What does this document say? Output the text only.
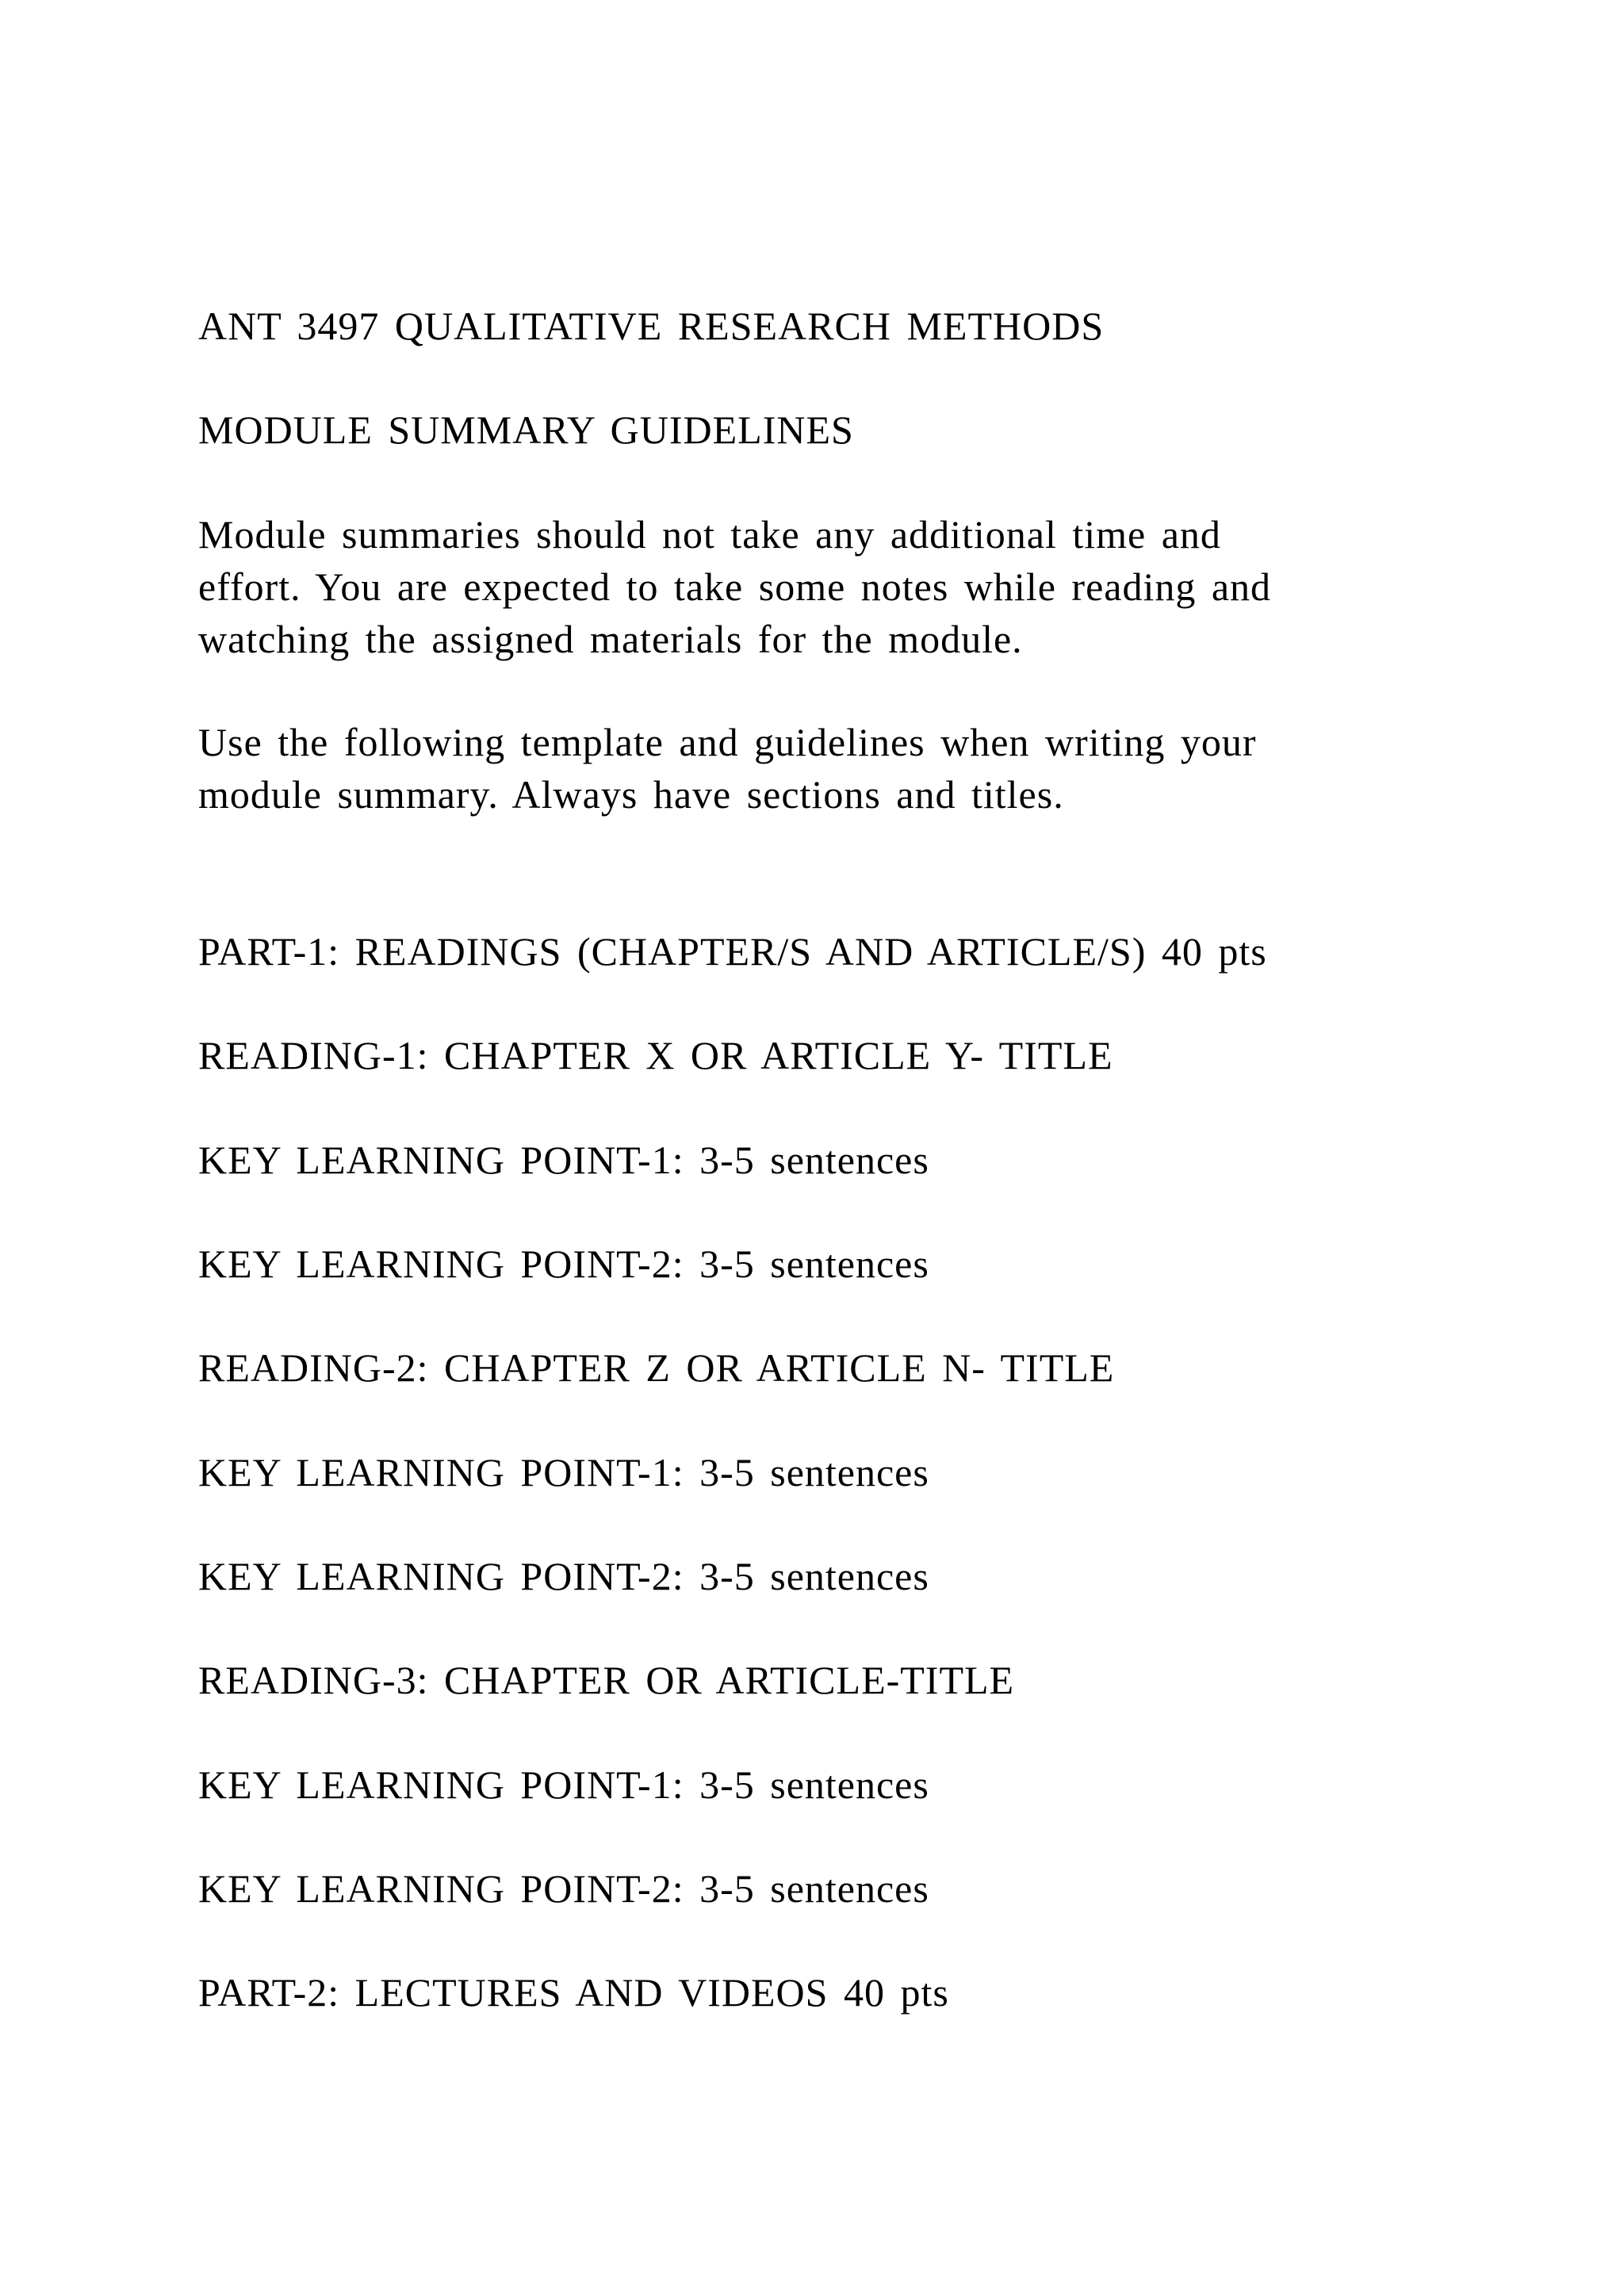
ANT 3497 QUALITATIVE RESEARCH METHODS

MODULE SUMMARY GUIDELINES

Module summaries should not take any additional time and

effort. You are expected to take some notes while reading and

watching the assigned materials for the module.

Use the following template and guidelines when writing your

module summary. Always have sections and titles.

PART-1: READINGS (CHAPTER/S AND ARTICLE/S) 40 pts

READING-1: CHAPTER X OR ARTICLE Y- TITLE

KEY LEARNING POINT-1: 3-5 sentences

KEY LEARNING POINT-2: 3-5 sentences

READING-2: CHAPTER Z OR ARTICLE N- TITLE

KEY LEARNING POINT-1: 3-5 sentences

KEY LEARNING POINT-2: 3-5 sentences

READING-3: CHAPTER OR ARTICLE-TITLE

KEY LEARNING POINT-1: 3-5 sentences

KEY LEARNING POINT-2: 3-5 sentences

PART-2: LECTURES AND VIDEOS 40 pts
